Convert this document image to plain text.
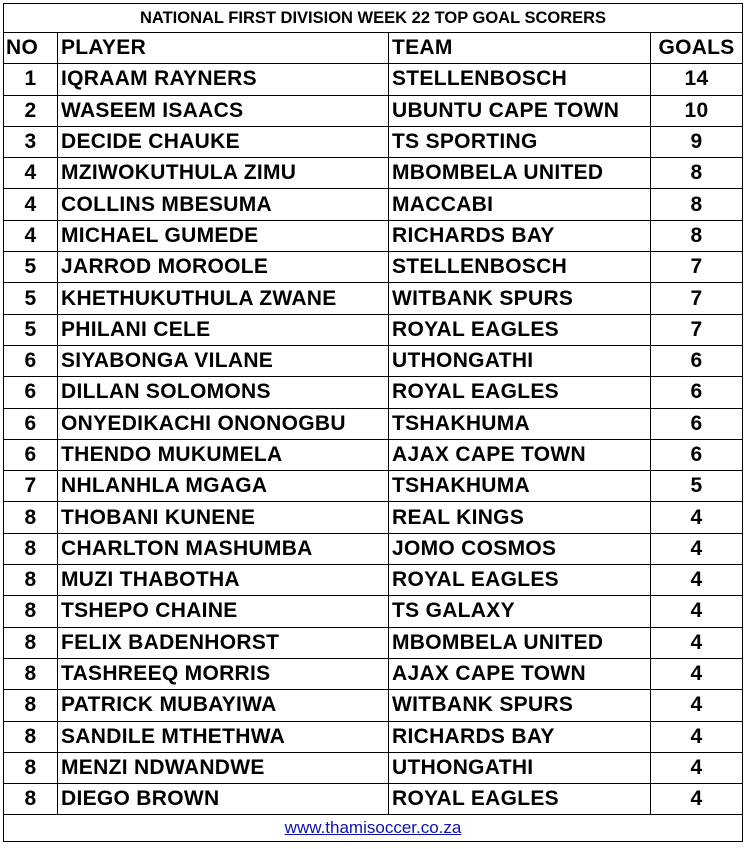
NATIONAL FIRST DIVISION WEEK 22 TOP GOAL SCORERS			
NO	PLAYER	TEAM	GOALS
1	IQRAAM RAYNERS	STELLENBOSCH	14
2	WASEEM ISAACS	UBUNTU CAPE TOWN	10
3	DECIDE CHAUKE	TS SPORTING	9
4	MZIWOKUTHULA ZIMU	MBOMBELA UNITED	8
4	COLLINS MBESUMA	MACCABI	8
4	MICHAEL GUMEDE	RICHARDS BAY	8
5	JARROD MOROOLE	STELLENBOSCH	7
5	KHETHUKUTHULA ZWANE	WITBANK SPURS	7
5	PHILANI CELE	ROYAL EAGLES	7
6	SIYABONGA VILANE	UTHONGATHI	6
6	DILLAN SOLOMONS	ROYAL EAGLES	6
6	ONYEDIKACHI ONONOGBU	TSHAKHUMA	6
6	THENDO MUKUMELA	AJAX CAPE TOWN	6
7	NHLANHLA MGAGA	TSHAKHUMA	5
8	THOBANI KUNENE	REAL KINGS	4
8	CHARLTON MASHUMBA	JOMO COSMOS	4
8	MUZI THABOTHA	ROYAL EAGLES	4
8	TSHEPO CHAINE	TS GALAXY	4
8	FELIX BADENHORST	MBOMBELA UNITED	4
8	TASHREEQ MORRIS	AJAX CAPE TOWN	4
8	PATRICK MUBAYIWA	WITBANK SPURS	4
8	SANDILE MTHETHWA	RICHARDS BAY	4
8	MENZI NDWANDWE	UTHONGATHI	4
8	DIEGO BROWN	ROYAL EAGLES	4
www.thamisoccer.co.za			
